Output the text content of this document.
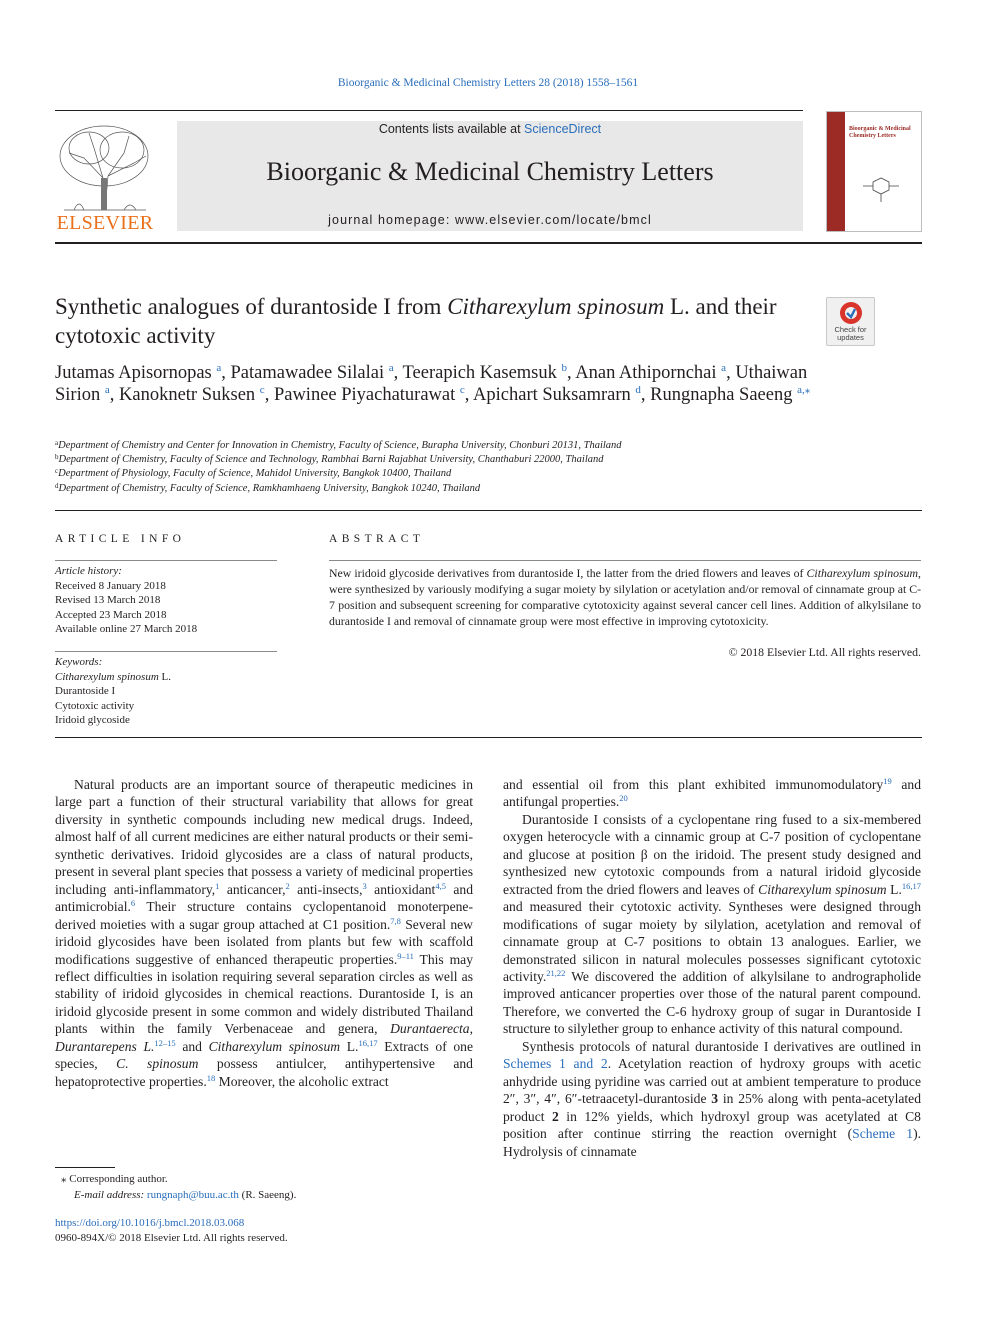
Bioorganic & Medicinal Chemistry Letters 28 (2018) 1558–1561
ELSEVIER
Contents lists available at ScienceDirect
Bioorganic & Medicinal Chemistry Letters
journal homepage: www.elsevier.com/locate/bmcl
Bioorganic & Medicinal Chemistry Letters
Synthetic analogues of durantoside I from Citharexylum spinosum L. and their cytotoxic activity	Check for updates
Jutamas Apisornopas $^a$, Patamawadee Silalai $^a$, Teerapich Kasemsuk $^b$, Anan Athipornchai $^a$, Uthaiwan Sirion $^a$, Kanoknetr Suksen $^c$, Pawinee Piyachaturawat $^c$, Apichart Suksamrarn $^d$, Rungnapha Saeeng $^{a,⁎}$
$^a$Department of Chemistry and Center for Innovation in Chemistry, Faculty of Science, Burapha University, Chonburi 20131, Thailand
$^b$Department of Chemistry, Faculty of Science and Technology, Rambhai Barni Rajabhat University, Chanthaburi 22000, Thailand
$^c$Department of Physiology, Faculty of Science, Mahidol University, Bangkok 10400, Thailand
$^d$Department of Chemistry, Faculty of Science, Ramkhamhaeng University, Bangkok 10240, Thailand
ARTICLE INFO
Article history:
Received 8 January 2018
Revised 13 March 2018
Accepted 23 March 2018
Available online 27 March 2018
Keywords:
Citharexylum spinosum L.
Durantoside I
Cytotoxic activity
Iridoid glycoside
ABSTRACT
New iridoid glycoside derivatives from durantoside I, the latter from the dried flowers and leaves of Citharexylum spinosum, were synthesized by variously modifying a sugar moiety by silylation or acetylation and/or removal of cinnamate group at C-7 position and subsequent screening for comparative cytotoxicity against several cancer cell lines. Addition of alkylsilane to durantoside I and removal of cinnamate group were most effective in improving cytotoxicity.
© 2018 Elsevier Ltd. All rights reserved.

Natural products are an important source of therapeutic medicines in large part a function of their structural variability that allows for great diversity in synthetic compounds including new medical drugs. Indeed, almost half of all current medicines are either natural products or their semi-synthetic derivatives. Iridoid glycosides are a class of natural products, present in several plant species that possess a variety of medicinal properties including anti-inflammatory,$^1$ anticancer,$^2$ anti-insects,$^3$ antioxidant$^{4,5}$ and antimicrobial.$^6$ Their structure contains cyclopentanoid monoterpene-derived moieties with a sugar group attached at C1 position.$^{7,8}$ Several new iridoid glycosides have been isolated from plants but few with scaffold modifications suggestive of enhanced therapeutic properties.$^{9-11}$ This may reflect difficulties in isolation requiring several separation circles as well as stability of iridoid glycosides in chemical reactions. Durantoside I, is an iridoid glycoside present in some common and widely distributed Thailand plants within the family Verbenaceae and genera, Durantaerecta, Durantarepens L.$^{12-15}$ and Citharexylum spinosum L.$^{16,17}$ Extracts of one species, C. spinosum possess antiulcer, antihypertensive and hepatoprotective properties.$^{18}$ Moreover, the alcoholic extract

and essential oil from this plant exhibited immunomodulatory$^{19}$ and antifungal properties.$^{20}$

Durantoside I consists of a cyclopentane ring fused to a six-membered oxygen heterocycle with a cinnamic group at C-7 position of cyclopentane and glucose at position β on the iridoid. The present study designed and synthesized new cytotoxic compounds from a natural iridoid glycoside extracted from the dried flowers and leaves of Citharexylum spinosum L.$^{16,17}$ and measured their cytotoxic activity. Syntheses were designed through modifications of sugar moiety by silylation, acetylation and removal of cinnamate group at C-7 positions to obtain 13 analogues. Earlier, we demonstrated silicon in natural molecules possesses significant cytotoxic activity.$^{21,22}$ We discovered the addition of alkylsilane to andrographolide improved anticancer properties over those of the natural parent compound. Therefore, we converted the C-6 hydroxy group of sugar in Durantoside I structure to silylether group to enhance activity of this natural compound.

Synthesis protocols of natural durantoside I derivatives are outlined in Schemes 1 and 2. Acetylation reaction of hydroxy groups with acetic anhydride using pyridine was carried out at ambient temperature to produce 2″, 3″, 4″, 6″-tetraacetyl-durantoside 3 in 25% along with penta-acetylated product 2 in 12% yields, which hydroxyl group was acetylated at C8 position after continue stirring the reaction overnight (Scheme 1). Hydrolysis of cinnamate

⁎ Corresponding author.
E-mail address: rungnaph@buu.ac.th (R. Saeeng).
https://doi.org/10.1016/j.bmcl.2018.03.068
0960-894X/© 2018 Elsevier Ltd. All rights reserved.
